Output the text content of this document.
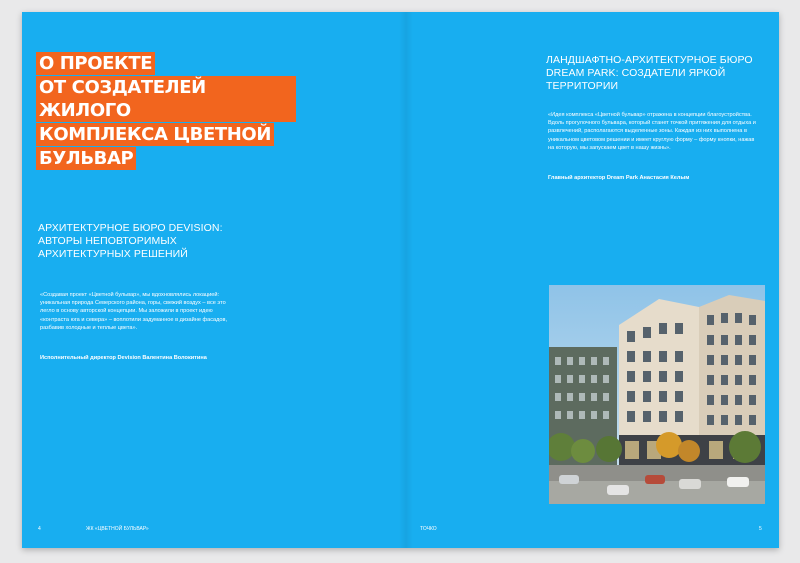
О ПРОЕКТЕ
ОТ СОЗДАТЕЛЕЙ ЖИЛОГО
КОМПЛЕКСА ЦВЕТНОЙ
БУЛЬВАР
АРХИТЕКТУРНОЕ БЮРО DEVISION: АВТОРЫ НЕПОВТОРИМЫХ АРХИТЕКТУРНЫХ РЕШЕНИЙ

«Создавая проект «Цветной бульвар», мы вдохновлялись локацией: уникальная природа Северского района, горы, свежий воздух – все это легло в основу авторской концепции. Мы заложили в проект идею «контраста юга и севера» – воплотили задуманное в дизайне фасадов, разбавив холодные и теплые цвета».

Исполнительный директор Devision Валентина Волокитина

ЛАНДШАФТНО-АРХИТЕКТУРНОЕ БЮРО DREAM PARK: СОЗДАТЕЛИ ЯРКОЙ ТЕРРИТОРИИ

«Идея комплекса «Цветной бульвар» отражена в концепции благоустройства. Вдоль прогулочного бульвара, который станет точкой притяжения для отдыха и развлечений, располагаются выделенные зоны. Каждая из них выполнена в уникальном цветовом решении и имеет круглую форму – форму кнопки, нажав на которую, мы запускаем цвет в нашу жизнь».

Главный архитектор Dream Park Анастасия Келым

4	ЖК «ЦВЕТНОЙ БУЛЬВАР»	ТОЧКО	5
